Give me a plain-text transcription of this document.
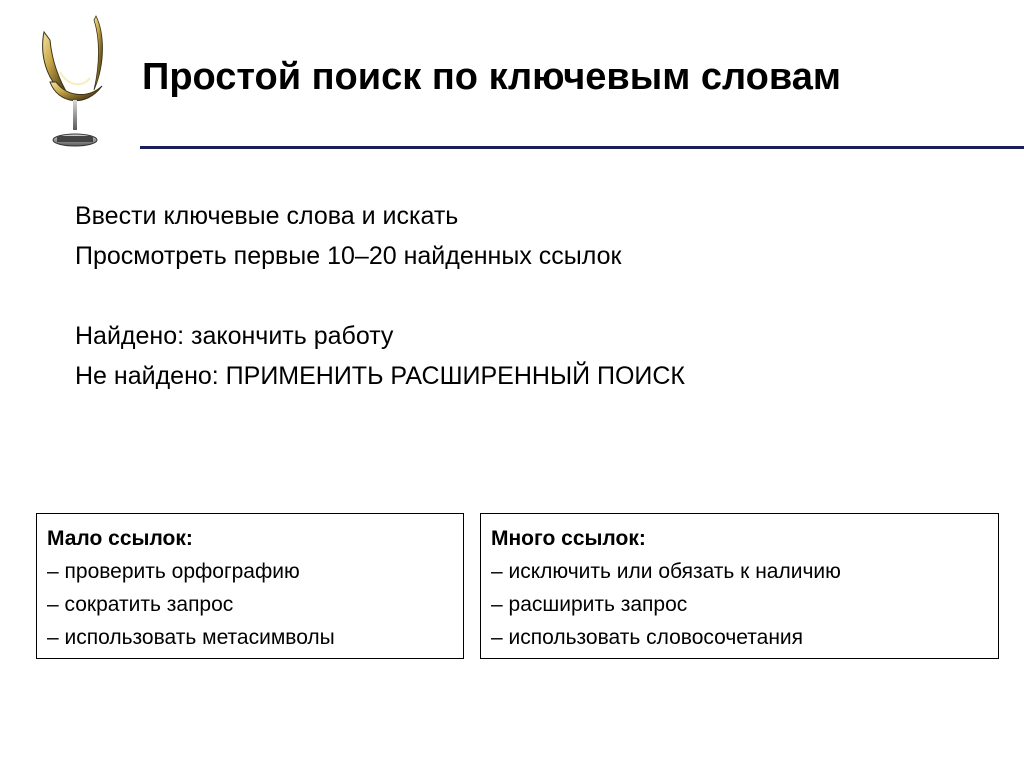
Простой поиск по ключевым словам
Ввести ключевые слова и искать
Просмотреть первые 10–20 найденных ссылок
Найдено: закончить работу
Не найдено: ПРИМЕНИТЬ РАСШИРЕННЫЙ ПОИСК
Мало ссылок:
– проверить орфографию
– сократить запрос
– использовать метасимволы
Много ссылок:
– исключить или обязать к наличию
– расширить запрос
– использовать словосочетания
